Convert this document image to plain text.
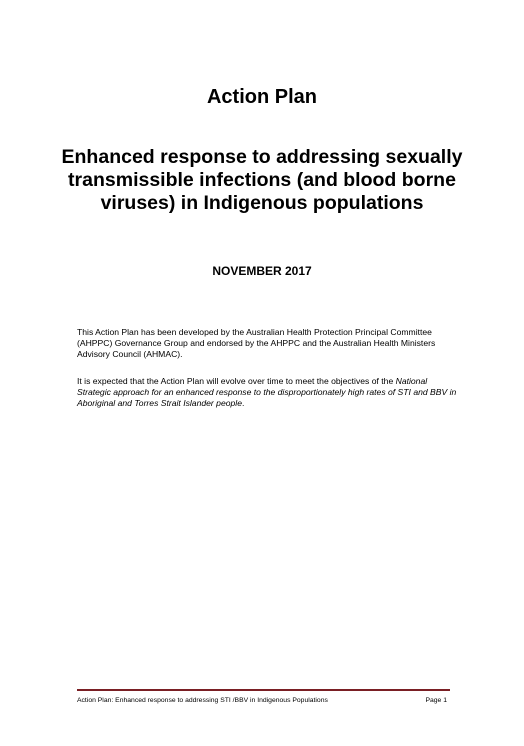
Action Plan
Enhanced response to addressing sexually transmissible infections (and blood borne viruses) in Indigenous populations
NOVEMBER 2017

This Action Plan has been developed by the Australian Health Protection Principal Committee (AHPPC) Governance Group and endorsed by the AHPPC and the Australian Health Ministers Advisory Council (AHMAC).

It is expected that the Action Plan will evolve over time to meet the objectives of the National Strategic approach for an enhanced response to the disproportionately high rates of STI and BBV in Aboriginal and Torres Strait Islander people.

Action Plan: Enhanced response to addressing STI /BBV in Indigenous Populations	Page 1
